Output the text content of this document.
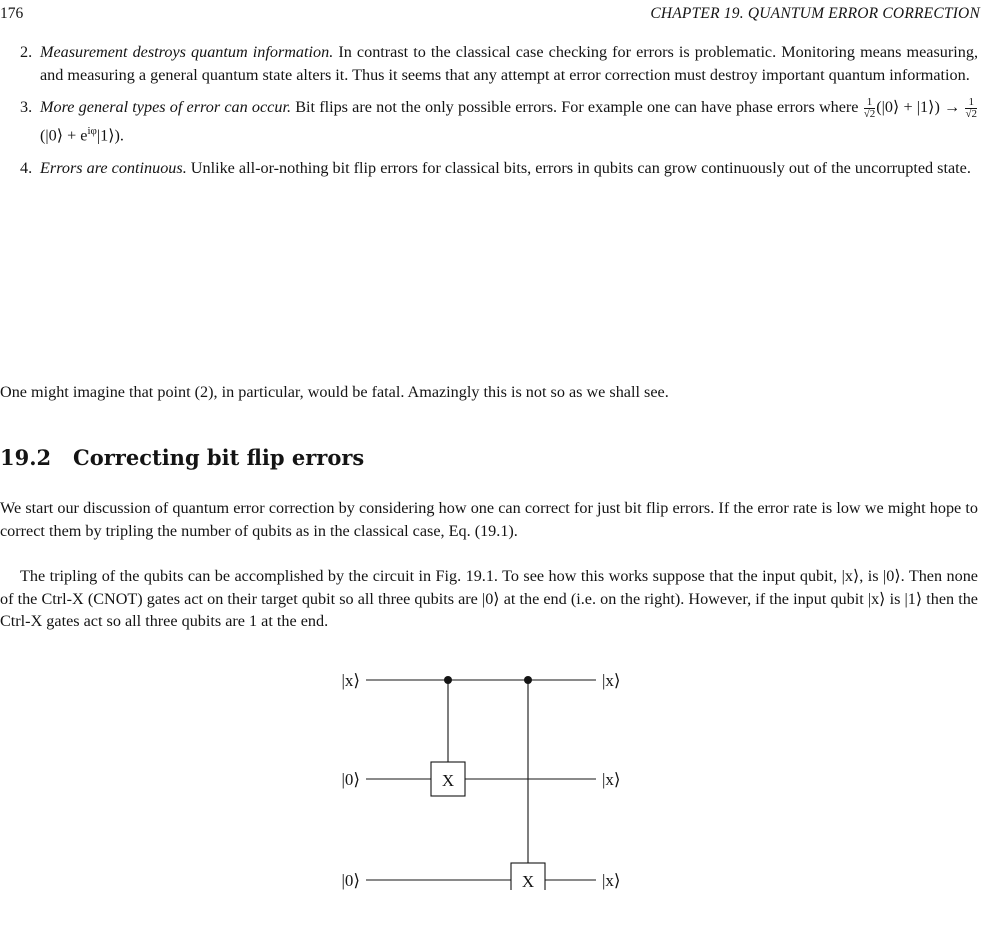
176	CHAPTER 19. QUANTUM ERROR CORRECTION
2. Measurement destroys quantum information. In contrast to the classical case checking for errors is problematic. Monitoring means measuring, and measuring a general quantum state alters it. Thus it seems that any attempt at error correction must destroy important quantum information.
3. More general types of error can occur. Bit flips are not the only possible errors. For example one can have phase errors where $\frac{1}{√2}$ (|0⟩ + |1⟩) → $\frac{1}{√2}$
(|0⟩ + $e^{i\varphi}|1⟩$).
4. Errors are continuous. Unlike all-or-nothing bit flip errors for classical bits, errors in qubits can grow continuously out of the uncorrupted state.
One might imagine that point (2), in particular, would be fatal. Amazingly this is not so as we shall see.
19.2 Correcting bit flip errors
We start our discussion of quantum error correction by considering how one can correct for just bit flip errors. If the error rate is low we might hope to correct them by tripling the number of qubits as in the classical case, Eq. (19.1).
The tripling of the qubits can be accomplished by the circuit in Fig. 19.1. To see how this works suppose that the input qubit, |x⟩, is |0⟩. Then none of the Ctrl-X (CNOT) gates act on their target qubit so all three qubits are |0⟩ at the end (i.e. on the right). However, if the input qubit |x⟩ is |1⟩ then the Ctrl-X gates act so all three qubits are 1 at the end.
X
X
|x⟩
|0⟩
|0⟩
|x⟩
|x⟩
|x⟩
